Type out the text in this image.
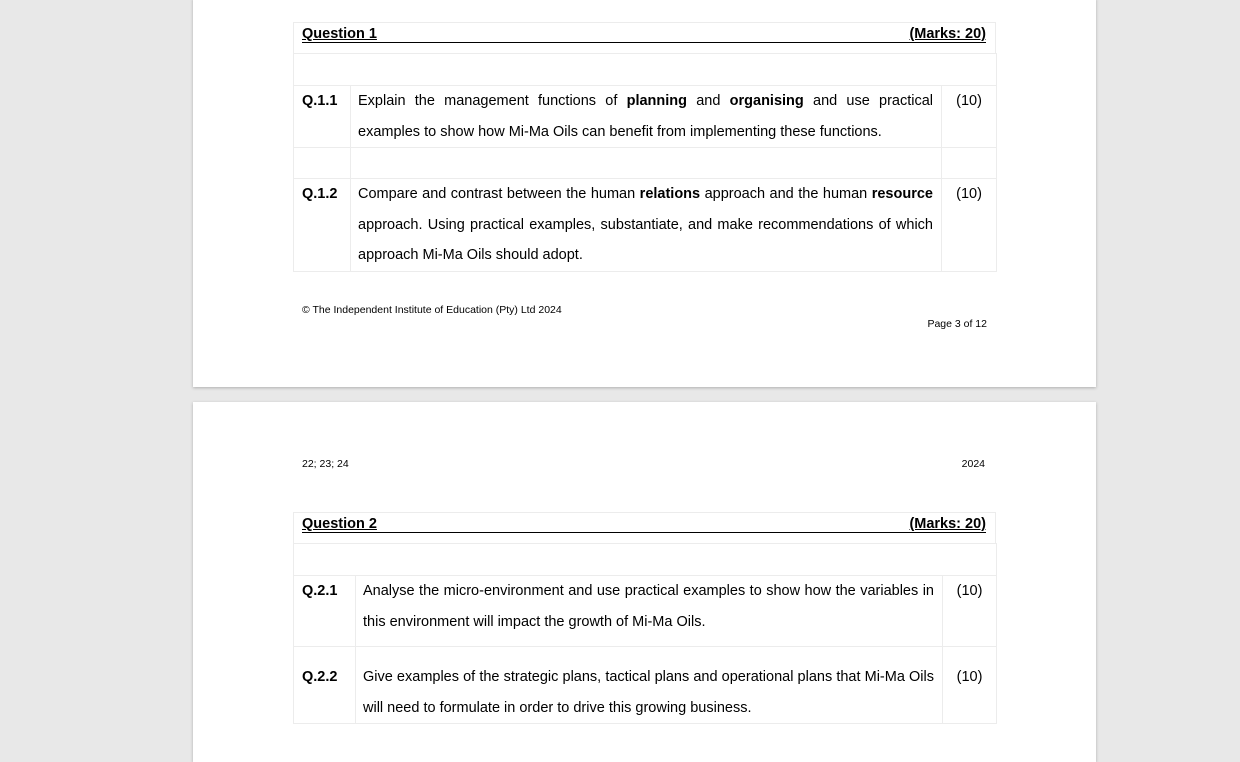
Question 1	(Marks: 20)

Q.1.1	Explain the management functions of planning and organising and use practical examples to show how Mi-Ma Oils can benefit from implementing these functions.	(10)

Q.1.2	Compare and contrast between the human relations approach and the human resource approach. Using practical examples, substantiate, and make recommendations of which approach Mi-Ma Oils should adopt.	(10)
© The Independent Institute of Education (Pty) Ltd 2024
Page 3 of 12
22; 23; 24	2024
Question 2	(Marks: 20)

Q.2.1	Analyse the micro-environment and use practical examples to show how the variables in this environment will impact the growth of Mi-Ma Oils.	(10)
Q.2.2	Give examples of the strategic plans, tactical plans and operational plans that Mi-Ma Oils will need to formulate in order to drive this growing business.	(10)
